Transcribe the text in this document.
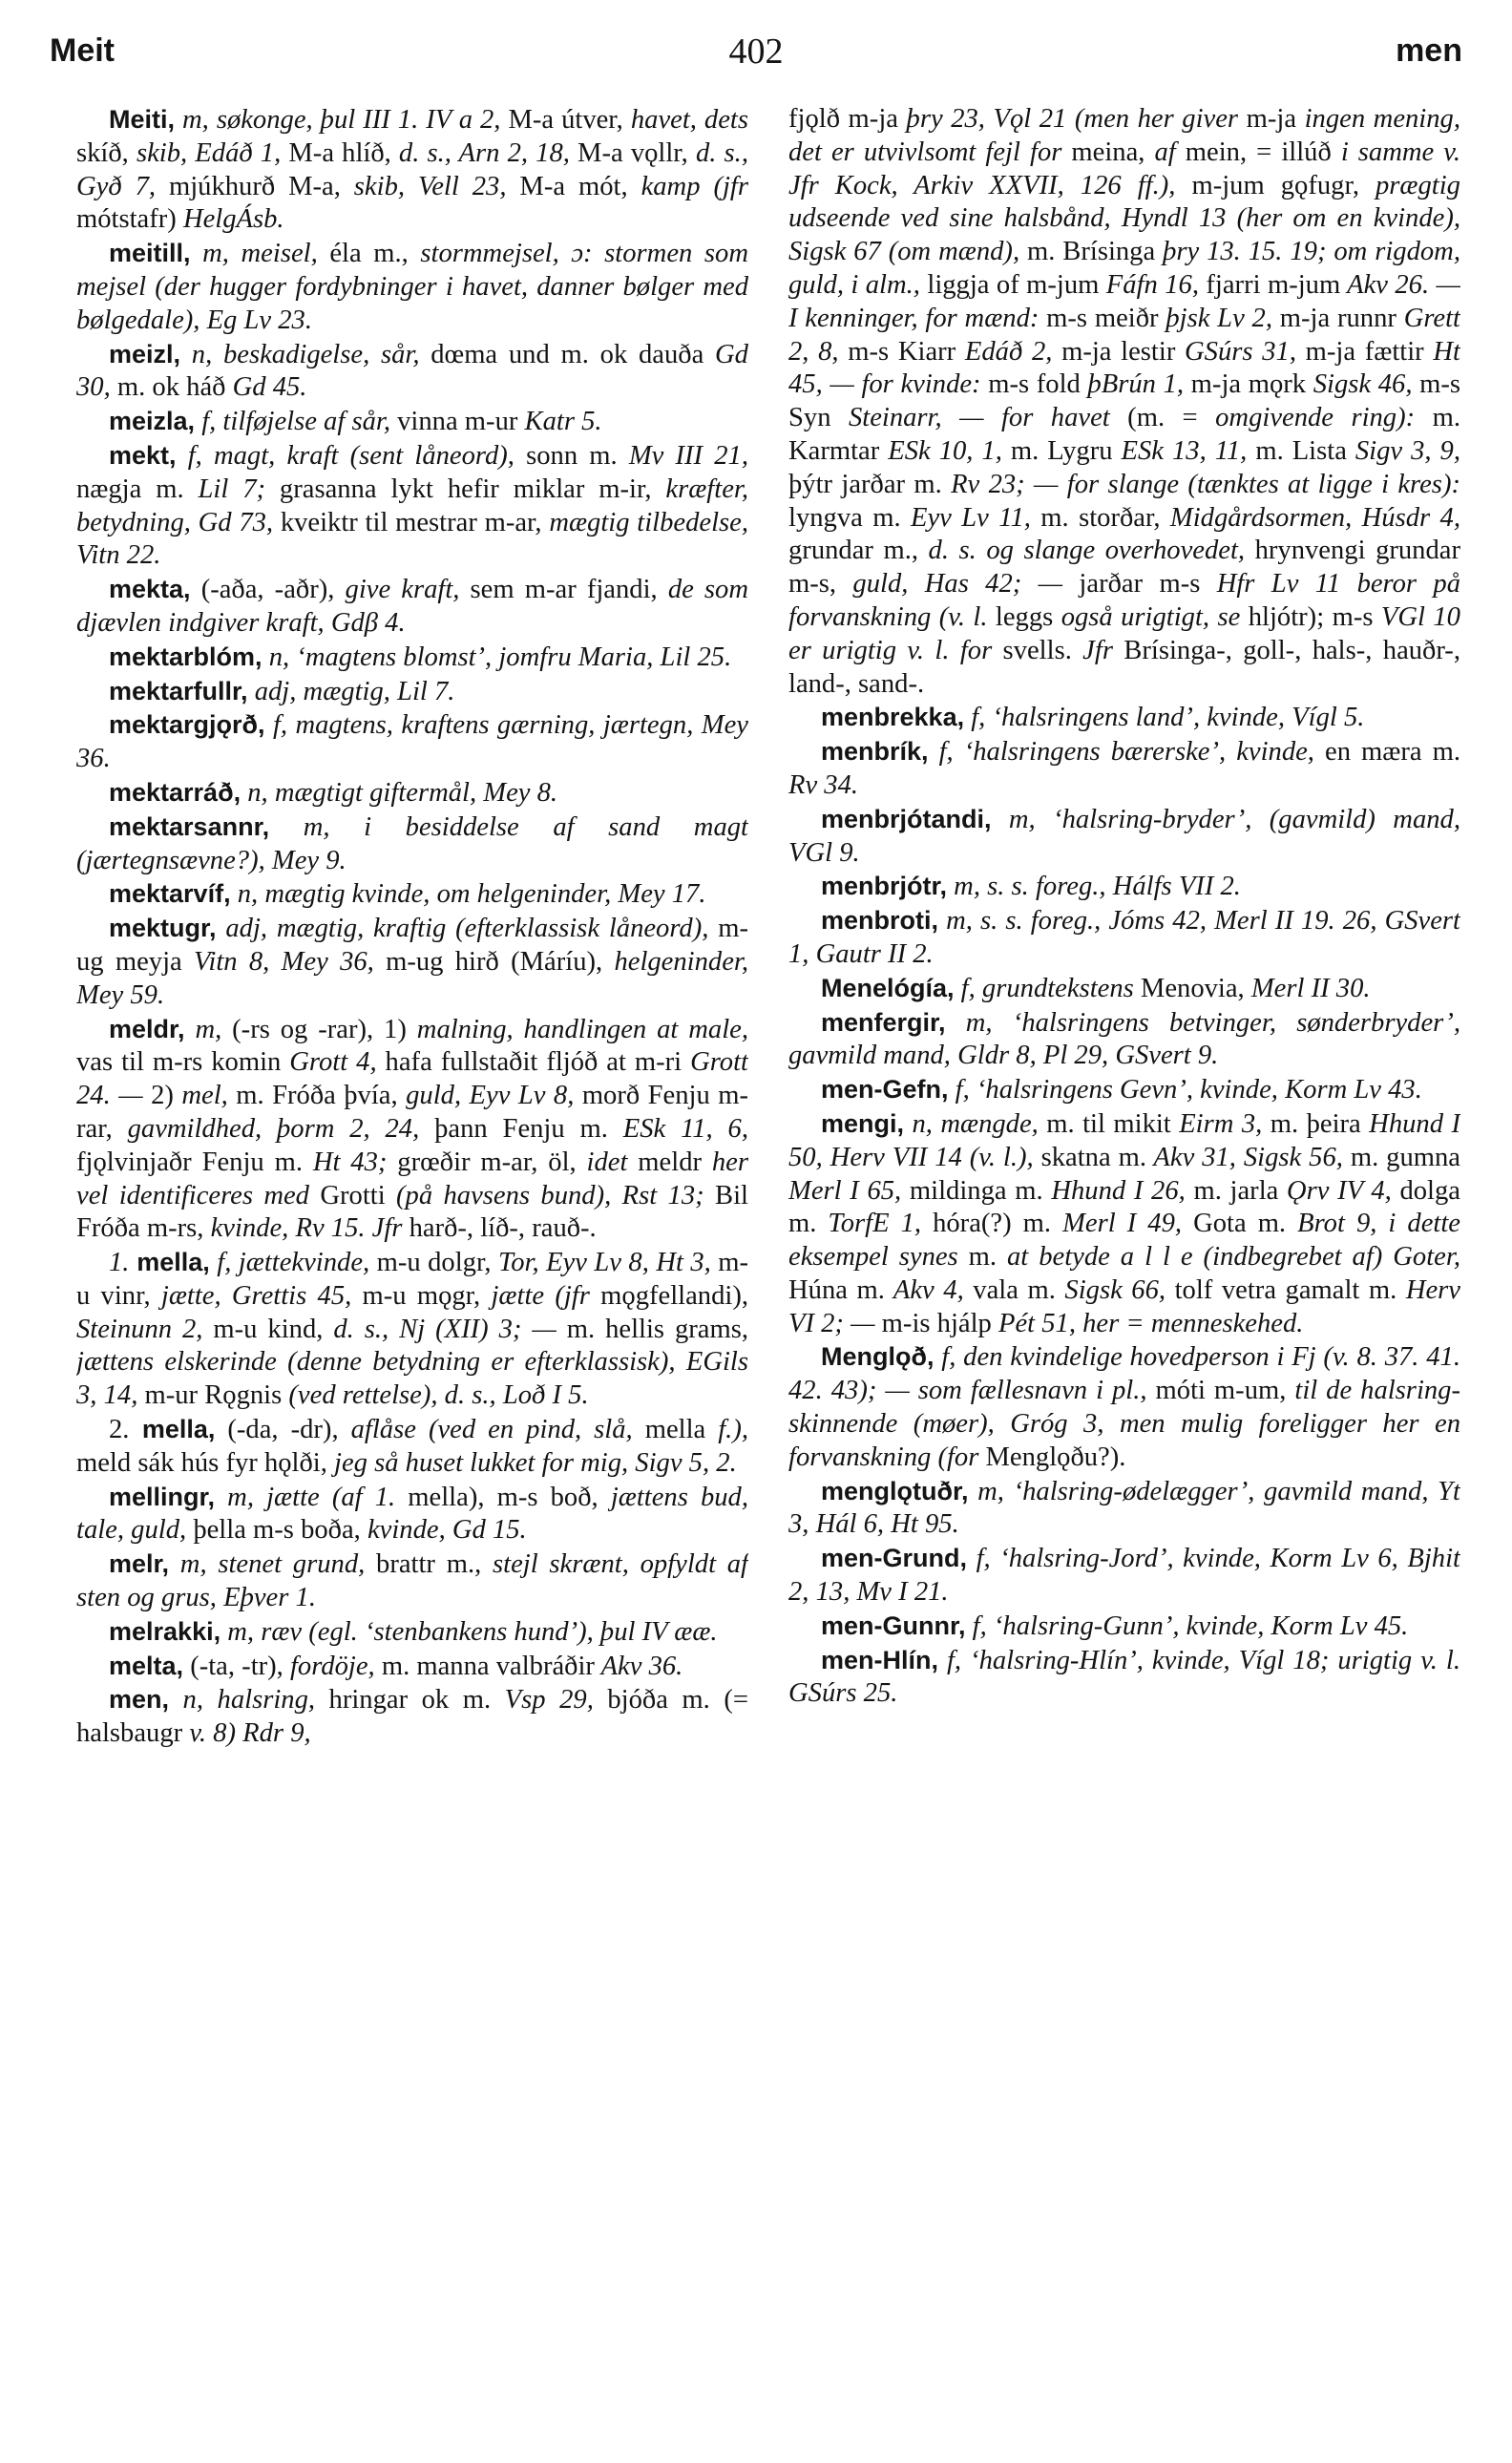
Meit	402	men

Meiti, m, søkonge, þul III 1. IV a 2, M-a útver, havet, dets skíð, skib, Edáð 1, M-a hlíð, d. s., Arn 2, 18, M-a vǫllr, d. s., Gyð 7, mjúkhurð M-a, skib, Vell 23, M-a mót, kamp (jfr mótstafr) HelgÁsb.

meitill, m, meisel, éla m., stormmejsel, ɔ: stormen som mejsel (der hugger fordybninger i havet, danner bølger med bølgedale), Eg Lv 23.

meizl, n, beskadigelse, sår, dœma und m. ok dauða Gd 30, m. ok háð Gd 45.

meizla, f, tilføjelse af sår, vinna m-ur Katr 5.

mekt, f, magt, kraft (sent låneord), sonn m. Mv III 21, nægja m. Lil 7; grasanna lykt hefir miklar m-ir, kræfter, betydning, Gd 73, kveiktr til mestrar m-ar, mægtig tilbedelse, Vitn 22.

mekta, (-aða, -aðr), give kraft, sem m-ar fjandi, de som djævlen indgiver kraft, Gdβ 4.

mektarblóm, n, ‘magtens blomst’, jomfru Maria, Lil 25.

mektarfullr, adj, mægtig, Lil 7.

mektargjǫrð, f, magtens, kraftens gærning, jærtegn, Mey 36.

mektarráð, n, mægtigt giftermål, Mey 8.

mektarsannr, m, i besiddelse af sand magt (jærtegnsævne?), Mey 9.

mektarvíf, n, mægtig kvinde, om helgeninder, Mey 17.

mektugr, adj, mægtig, kraftig (efterklassisk låneord), m-ug meyja Vitn 8, Mey 36, m-ug hirð (Máríu), helgeninder, Mey 59.

meldr, m, (-rs og -rar), 1) malning, handlingen at male, vas til m-rs komin Grott 4, hafa fullstaðit fljóð at m-ri Grott 24. — 2) mel, m. Fróða þvía, guld, Eyv Lv 8, morð Fenju m-rar, gavmildhed, þorm 2, 24, þann Fenju m. ESk 11, 6, fjǫlvinjaðr Fenju m. Ht 43; grœðir m-ar, öl, idet meldr her vel identificeres med Grotti (på havsens bund), Rst 13; Bil Fróða m-rs, kvinde, Rv 15. Jfr harð-, líð-, rauð-.

1. mella, f, jættekvinde, m-u dolgr, Tor, Eyv Lv 8, Ht 3, m-u vinr, jætte, Grettis 45, m-u mǫgr, jætte (jfr mǫgfellandi), Steinunn 2, m-u kind, d. s., Nj (XII) 3; — m. hellis grams, jættens elskerinde (denne betydning er efterklassisk), EGils 3, 14, m-ur Rǫgnis (ved rettelse), d. s., Loð I 5.

2. mella, (-da, -dr), aflåse (ved en pind, slå, mella f.), meld sák hús fyr hǫlði, jeg så huset lukket for mig, Sigv 5, 2.

mellingr, m, jætte (af 1. mella), m-s boð, jættens bud, tale, guld, þella m-s boða, kvinde, Gd 15.

melr, m, stenet grund, brattr m., stejl skrænt, opfyldt af sten og grus, Eþver 1.

melrakki, m, ræv (egl. ‘stenbankens hund’), þul IV ææ.

melta, (-ta, -tr), fordöje, m. manna valbráðir Akv 36.

men, n, halsring, hringar ok m. Vsp 29, bjóða m. (= halsbaugr v. 8) Rdr 9,

fjǫlð m-ja þry 23, Vǫl 21 (men her giver m-ja ingen mening, det er utvivlsomt fejl for meina, af mein, = illúð i samme v. Jfr Kock, Arkiv XXVII, 126 ff.), m-jum gǫfugr, prægtig udseende ved sine halsbånd, Hyndl 13 (her om en kvinde), Sigsk 67 (om mænd), m. Brísinga þry 13. 15. 19; om rigdom, guld, i alm., liggja of m-jum Fáfn 16, fjarri m-jum Akv 26. — I kenninger, for mænd: m-s meiðr þjsk Lv 2, m-ja runnr Grett 2, 8, m-s Kiarr Edáð 2, m-ja lestir GSúrs 31, m-ja fættir Ht 45, — for kvinde: m-s fold þBrún 1, m-ja mǫrk Sigsk 46, m-s Syn Steinarr, — for havet (m. = omgivende ring): m. Karmtar ESk 10, 1, m. Lygru ESk 13, 11, m. Lista Sigv 3, 9, þýtr jarðar m. Rv 23; — for slange (tænktes at ligge i kres): lyngva m. Eyv Lv 11, m. storðar, Midgårdsormen, Húsdr 4, grundar m., d. s. og slange overhovedet, hrynvengi grundar m-s, guld, Has 42; — jarðar m-s Hfr Lv 11 beror på forvanskning (v. l. leggs også urigtigt, se hljótr); m-s VGl 10 er urigtig v. l. for svells. Jfr Brísinga-, goll-, hals-, hauðr-, land-, sand-.

menbrekka, f, ‘halsringens land’, kvinde, Vígl 5.

menbrík, f, ‘halsringens bærerske’, kvinde, en mæra m. Rv 34.

menbrjótandi, m, ‘halsring-bryder’, (gavmild) mand, VGl 9.

menbrjótr, m, s. s. foreg., Hálfs VII 2.

menbroti, m, s. s. foreg., Jóms 42, Merl II 19. 26, GSvert 1, Gautr II 2.

Menelógía, f, grundtekstens Menovia, Merl II 30.

menfergir, m, ‘halsringens betvinger, sønderbryder’, gavmild mand, Gldr 8, Pl 29, GSvert 9.

men-Gefn, f, ‘halsringens Gevn’, kvinde, Korm Lv 43.

mengi, n, mængde, m. til mikit Eirm 3, m. þeira Hhund I 50, Herv VII 14 (v. l.), skatna m. Akv 31, Sigsk 56, m. gumna Merl I 65, mildinga m. Hhund I 26, m. jarla Ǫrv IV 4, dolga m. TorfE 1, hóra(?) m. Merl I 49, Gota m. Brot 9, i dette eksempel synes m. at betyde a l l e (indbegrebet af) Goter, Húna m. Akv 4, vala m. Sigsk 66, tolf vetra gamalt m. Herv VI 2; — m-is hjálp Pét 51, her = menneskehed.

Menglǫð, f, den kvindelige hovedperson i Fj (v. 8. 37. 41. 42. 43); — som fællesnavn i pl., móti m-um, til de halsring-skinnende (møer), Gróg 3, men mulig foreligger her en forvanskning (for Menglǫðu?).

menglǫtuðr, m, ‘halsring-ødelægger’, gavmild mand, Yt 3, Hál 6, Ht 95.

men-Grund, f, ‘halsring-Jord’, kvinde, Korm Lv 6, Bjhit 2, 13, Mv I 21.

men-Gunnr, f, ‘halsring-Gunn’, kvinde, Korm Lv 45.

men-Hlín, f, ‘halsring-Hlín’, kvinde, Vígl 18; urigtig v. l. GSúrs 25.
